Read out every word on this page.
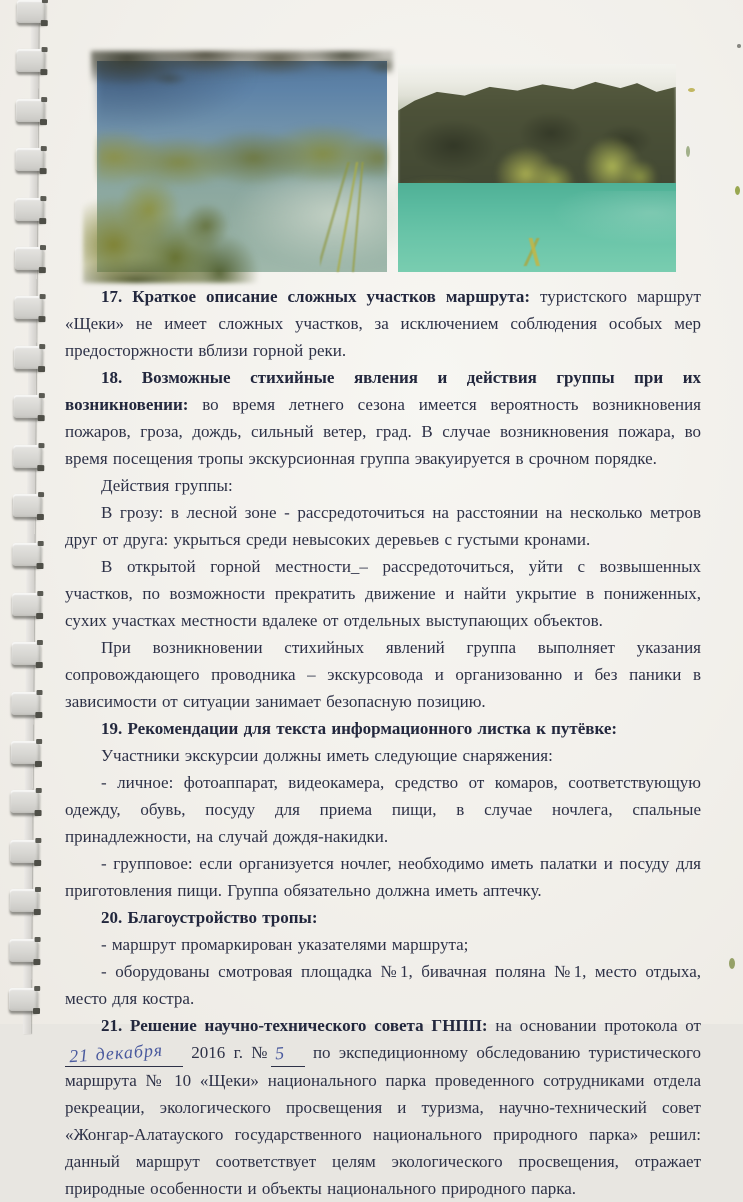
17. Краткое описание сложных участков маршрута: туристского маршрут «Щеки» не имеет сложных участков, за исключением соблюдения особых мер предосторжности вблизи горной реки.

18. Возможные стихийные явления и действия группы при их возникновении: во время летнего сезона имеется вероятность возникновения пожаров, гроза, дождь, сильный ветер, град. В случае возникновения пожара, во время посещения тропы экскурсионная группа эвакуируется в срочном порядке.

Действия группы:

В грозу: в лесной зоне - рассредоточиться на расстоянии на несколько метров друг от друга: укрыться среди невысоких деревьев с густыми кронами.

В открытой горной местности_– рассредоточиться, уйти с возвышенных участков, по возможности прекратить движение и найти укрытие в пониженных, сухих участках местности вдалеке от отдельных выступающих объектов.

При возникновении стихийных явлений группа выполняет указания сопровождающего проводника – экскурсовода и организованно и без паники в зависимости от ситуации занимает безопасную позицию.

19. Рекомендации для текста информационного листка к путёвке:

Участники экскурсии должны иметь следующие снаряжения:

- личное: фотоаппарат, видеокамера, средство от комаров, соответствующую одежду, обувь, посуду для приема пищи, в случае ночлега, спальные принадлежности, на случай дождя-накидки.

- групповое: если организуется ночлег, необходимо иметь палатки и посуду для приготовления пищи. Группа обязательно должна иметь аптечку.

20. Благоустройство тропы:

- маршрут промаркирован указателями маршрута;

- оборудованы смотровая площадка №1, бивачная поляна №1, место отдыха, место для костра.

21. Решение научно-технического совета ГНПП: на основании протокола от 21 декабря 2016 г. № 5 по экспедиционному обследованию туристического маршрута № 10 «Щеки» национального парка проведенного сотрудниками отдела рекреации, экологического просвещения и туризма, научно-технический совет «Жонгар-Алатауского государственного национального природного парка» решил: данный маршрут соответствует целям экологического просвещения, отражает природные особенности и объекты национального природного парка.
